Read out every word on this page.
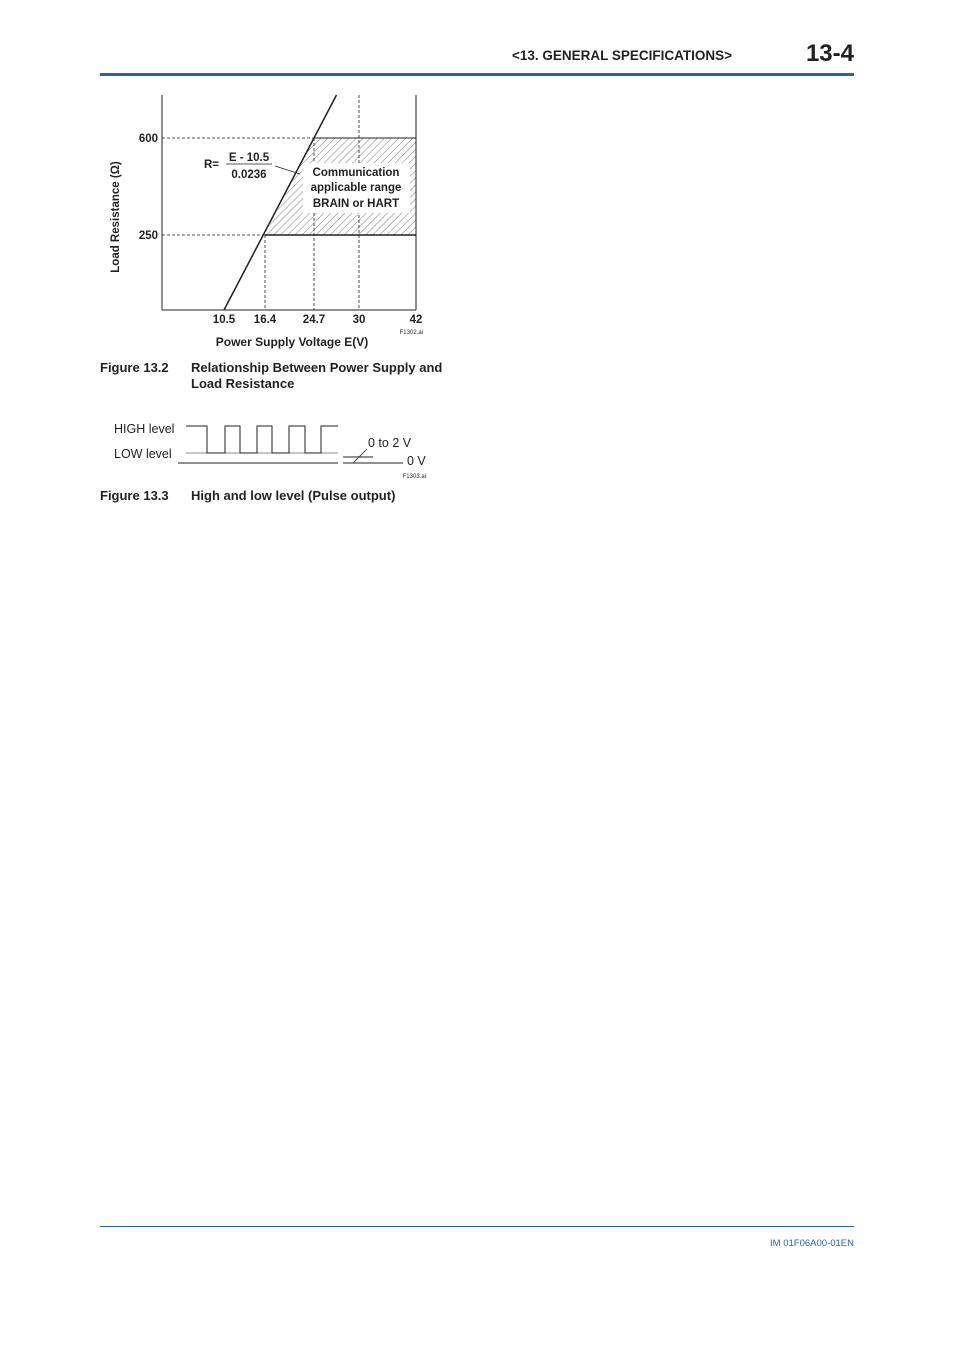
<13. GENERAL SPECIFICATIONS>	13-4
10.5 16.4 24.7 30	42
250
600
Power Supply Voltage E(V)
Load Resistance (Ω)	R=
E - 10.5
0.0236	Communication
applicable range
BRAIN or HART
F1302.ai
Figure 13.2 Relationship Between Power Supply and
Load Resistance
HIGH level
LOW level
0 to 2 V
0 V
F1303.ai
Figure 13.3 High and low level (Pulse output)
IM 01F06A00-01EN
